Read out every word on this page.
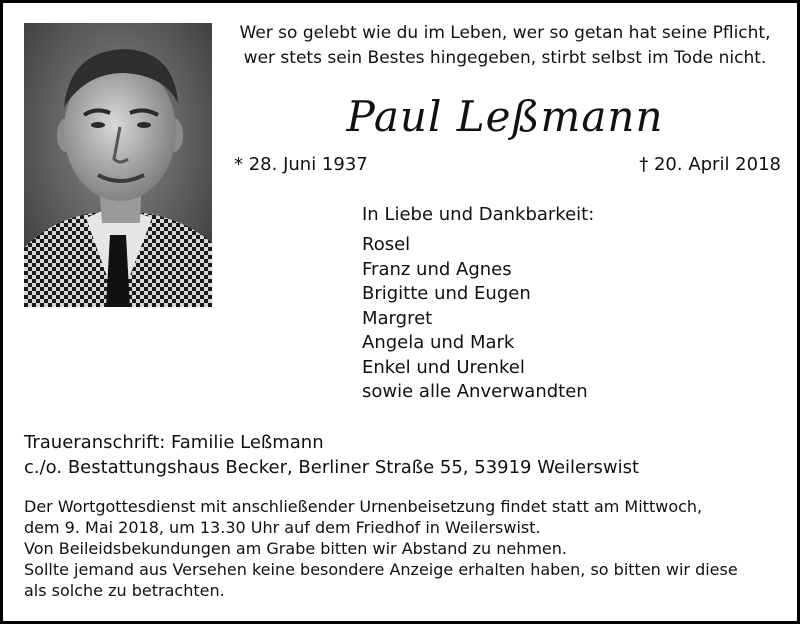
Wer so gelebt wie du im Leben, wer so getan hat seine Pflicht,
wer stets sein Bestes hingegeben, stirbt selbst im Tode nicht.
Paul Leßmann
* 28. Juni 1937	† 20. April 2018
In Liebe und Dankbarkeit:
Rosel
Franz und Agnes
Brigitte und Eugen
Margret
Angela und Mark
Enkel und Urenkel
sowie alle Anverwandten
Traueranschrift: Familie Leßmann
c./o. Bestattungshaus Becker, Berliner Straße 55, 53919 Weilerswist
Der Wortgottesdienst mit anschließender Urnenbeisetzung findet statt am Mittwoch,
dem 9. Mai 2018, um 13.30 Uhr auf dem Friedhof in Weilerswist.
Von Beileidsbekundungen am Grabe bitten wir Abstand zu nehmen.
Sollte jemand aus Versehen keine besondere Anzeige erhalten haben, so bitten wir diese
als solche zu betrachten.
